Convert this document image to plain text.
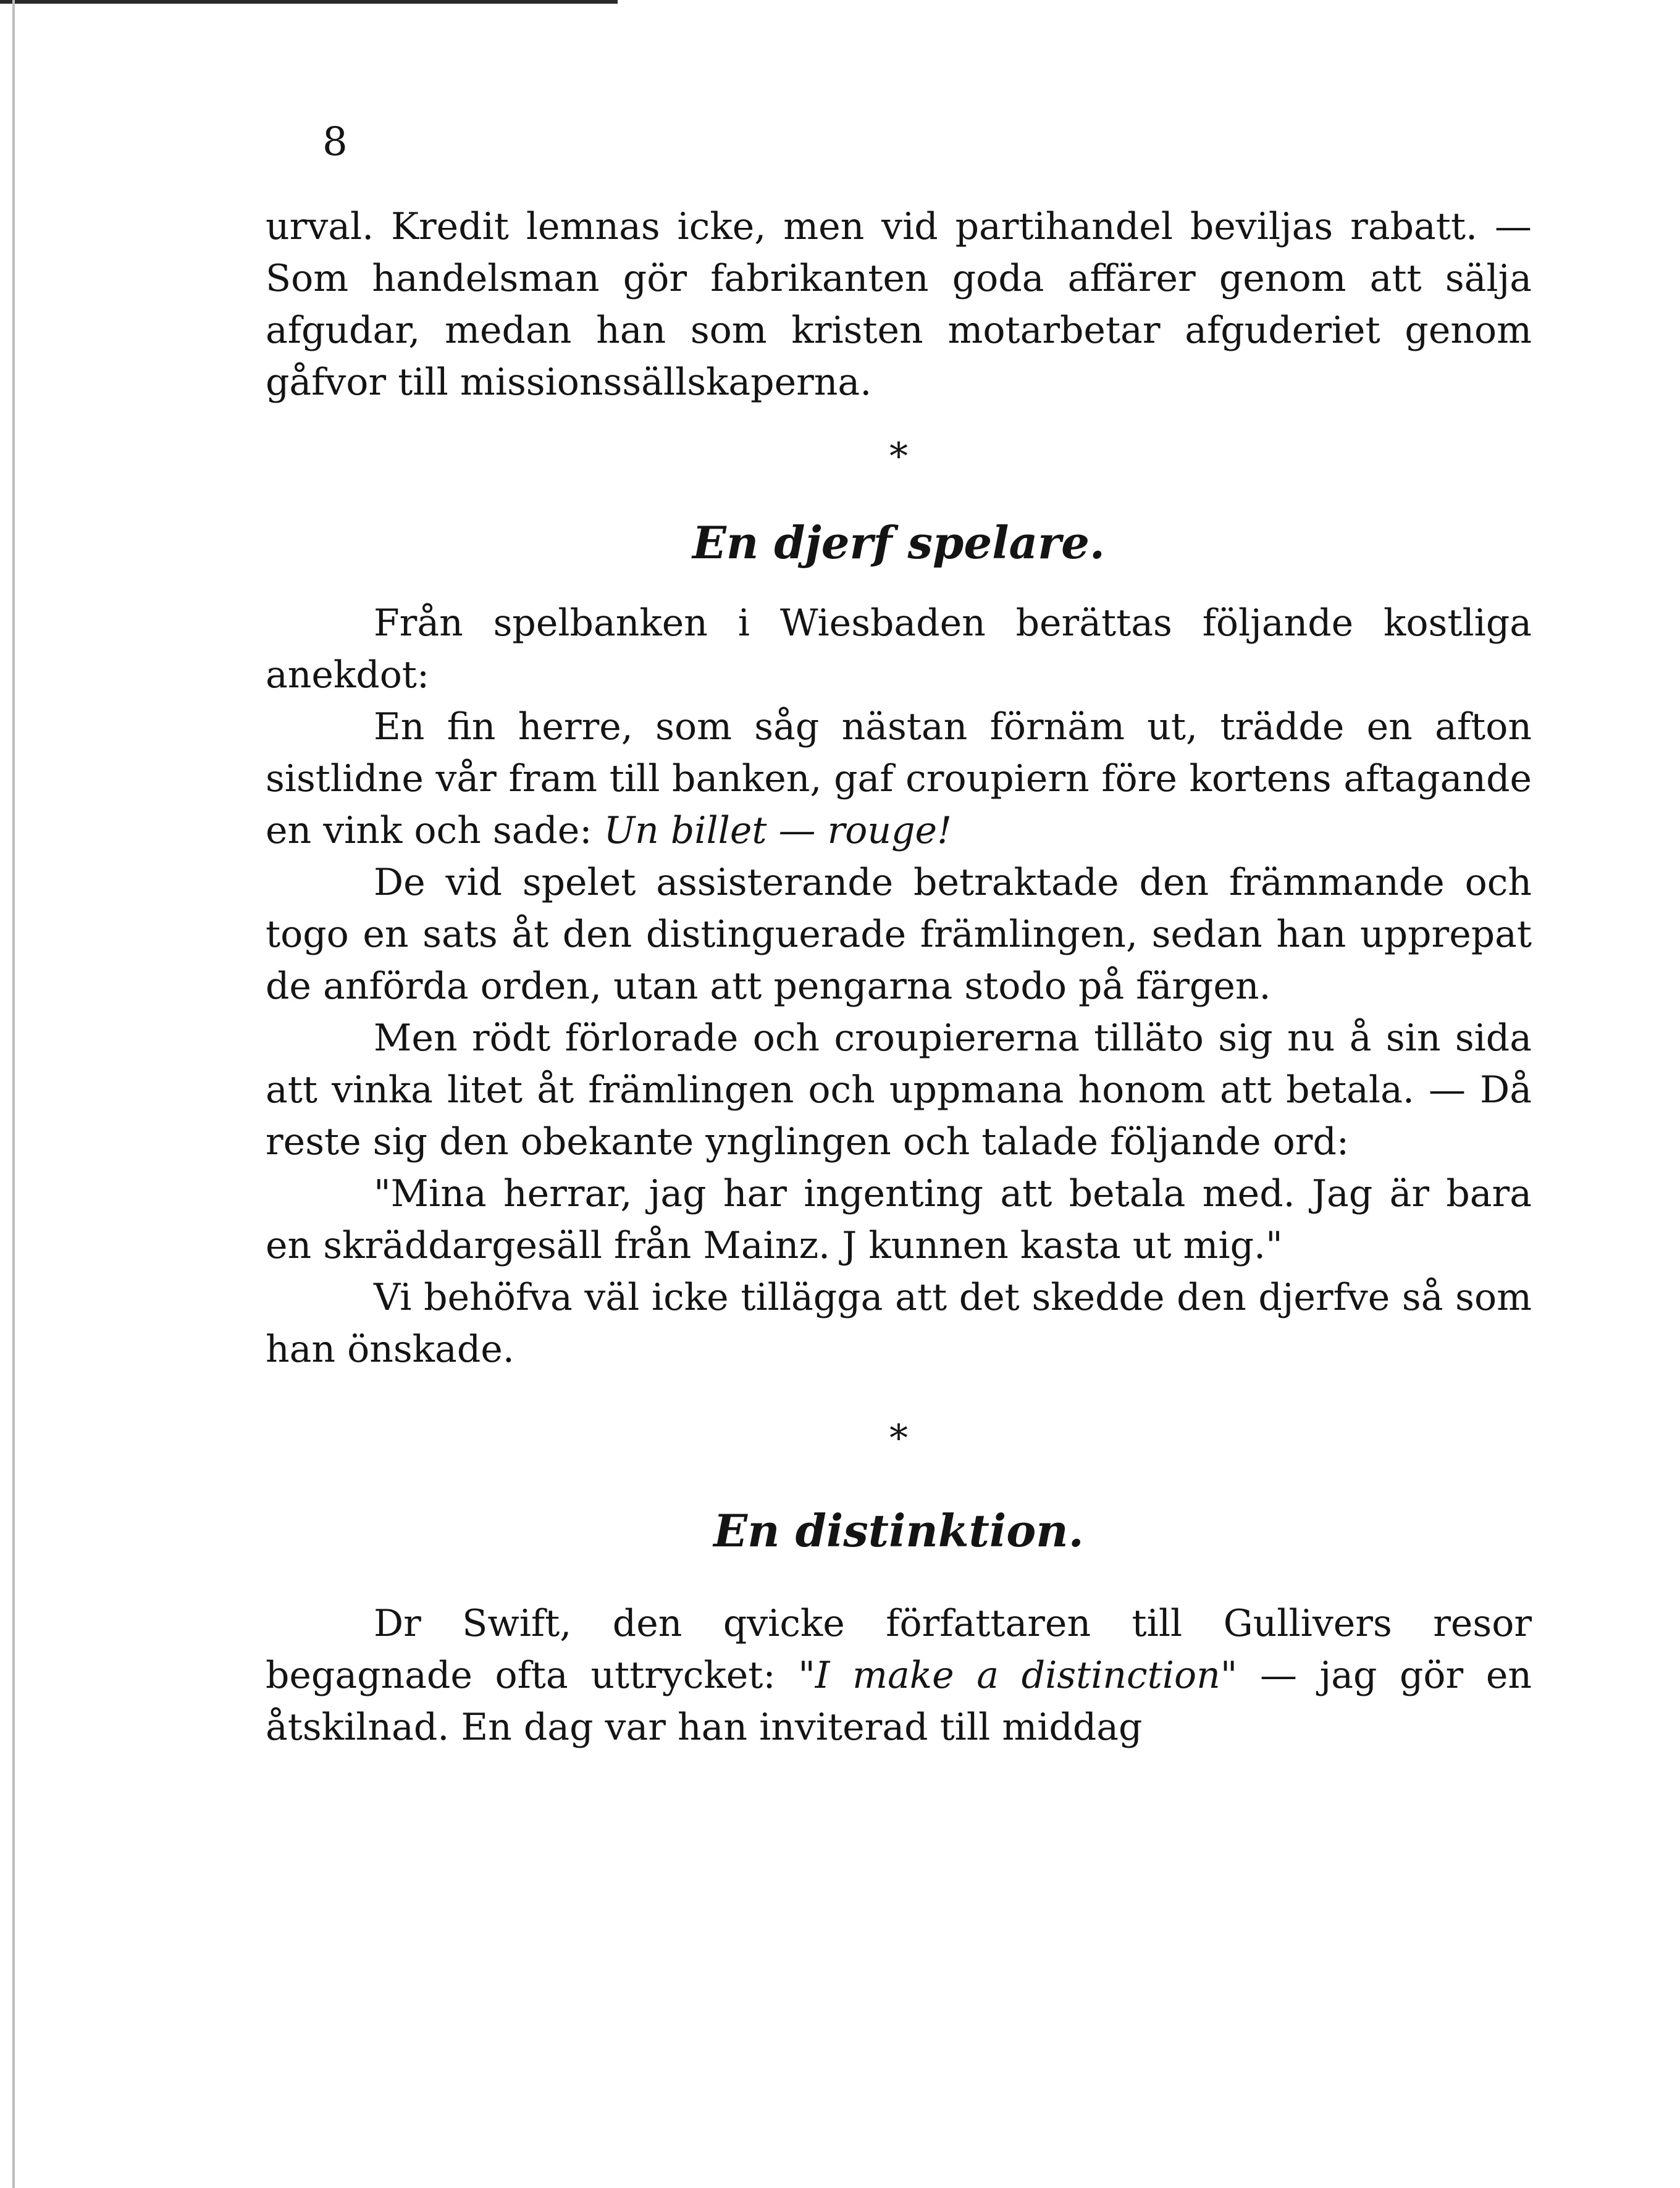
8

urval. Kredit lemnas icke, men vid partihandel beviljas rabatt. — Som handelsman gör fabrikanten goda affärer genom att sälja afgudar, medan han som kristen motarbetar afguderiet genom gåfvor till missionssällskaperna.

*
En djerf spelare.

Från spelbanken i Wiesbaden berättas följande kostliga anekdot:

En fin herre, som såg nästan förnäm ut, trädde en afton sistlidne vår fram till banken, gaf croupiern före kortens aftagande en vink och sade: Un billet — rouge!

De vid spelet assisterande betraktade den främmande och togo en sats åt den distinguerade främlingen, sedan han upprepat de anförda orden, utan att pengarna stodo på färgen.

Men rödt förlorade och croupiererna tilläto sig nu å sin sida att vinka litet åt främlingen och uppmana honom att betala. — Då reste sig den obekante ynglingen och talade följande ord:

"Mina herrar, jag har ingenting att betala med. Jag är bara en skräddargesäll från Mainz. J kunnen kasta ut mig."

Vi behöfva väl icke tillägga att det skedde den djerfve så som han önskade.

*
En distinktion.

Dr Swift, den qvicke författaren till Gullivers resor begagnade ofta uttrycket: "I make a distinction" — jag gör en åtskilnad. En dag var han inviterad till middag
